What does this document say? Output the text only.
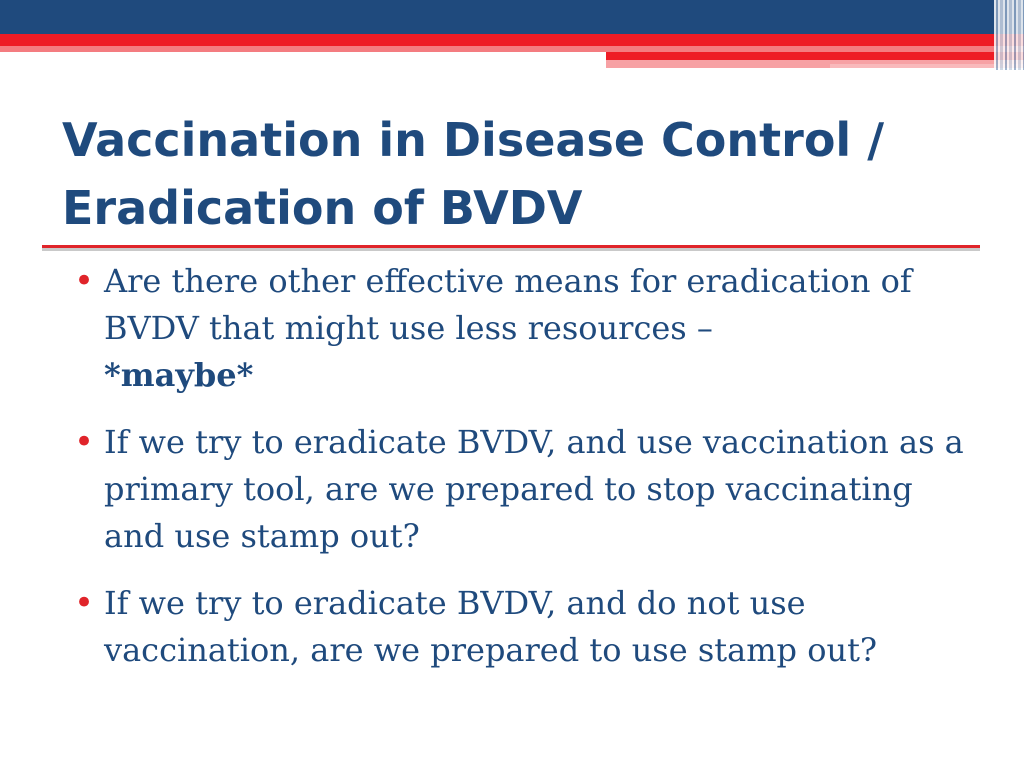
Vaccination in Disease Control /
Eradication of BVDV
• Are there other effective means for eradication of BVDV that might use less resources –
*maybe*
• If we try to eradicate BVDV, and use vaccination as a primary tool, are we prepared to stop vaccinating and use stamp out?
• If we try to eradicate BVDV, and do not use vaccination, are we prepared to use stamp out?
